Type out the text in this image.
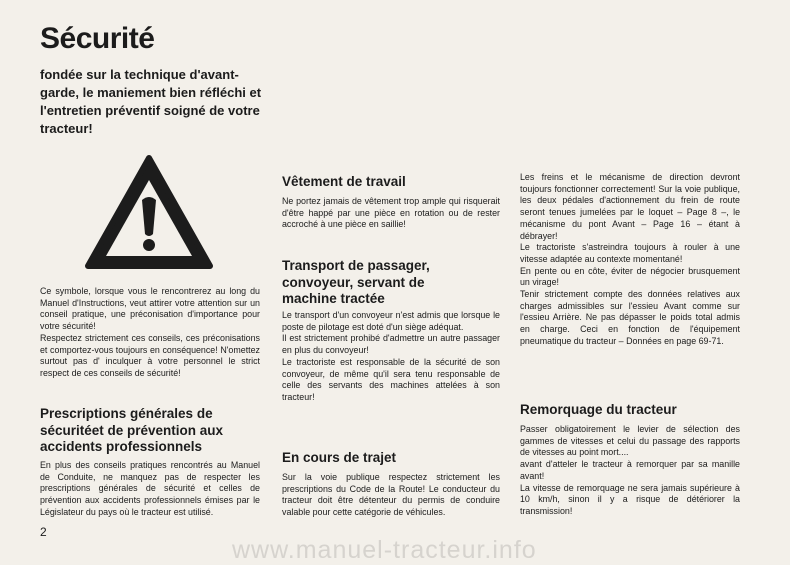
Sécurité

fondée sur la technique d'avant-garde, le maniement bien réfléchi et l'entretien préventif soigné de votre tracteur!

Ce symbole, lorsque vous le rencontrerez au long du Manuel d'Instructions, veut attirer votre attention sur un conseil pratique, une préconisation d'importance pour votre sécurité!

Respectez strictement ces conseils, ces préconisations et comportez-vous toujours en conséquence! N'omettez surtout pas d' inculquer à votre personnel le strict respect de ces conseils de sécurité!

Prescriptions générales de sécuritéet de prévention aux accidents professionnels

En plus des conseils pratiques rencontrés au Manuel de Conduite, ne manquez pas de respecter les prescriptions générales de sécurité et celles de prévention aux accidents professionnels émises par le Législateur du pays où le tracteur est utilisé.

Vêtement de travail

Ne portez jamais de vêtement trop ample qui risquerait d'être happé par une pièce en rotation ou de rester accroché à une pièce en saillie!

Transport de passager, convoyeur, servant de machine tractée

Le transport d'un convoyeur n'est admis que lorsque le poste de pilotage est doté d'un siège adéquat.

Il est strictement prohibé d'admettre un autre passager en plus du convoyeur!

Le tractoriste est responsable de la sécurité de son convoyeur, de même qu'il sera tenu responsable de celle des servants des machines attelées à son tracteur!

En cours de trajet

Sur la voie publique respectez strictement les prescriptions du Code de la Route! Le conducteur du tracteur doit être détenteur du permis de conduire valable pour cette catégorie de véhicules.

Les freins et le mécanisme de direction devront toujours fonctionner correctement! Sur la voie publique, les deux pédales d'actionnement du frein de route seront tenues jumelées par le loquet – Page 8 –, le mécanisme du pont Avant – Page 16 – étant à débrayer!

Le tractoriste s'astreindra toujours à rouler à une vitesse adaptée au contexte momentané!

En pente ou en côte, éviter de négocier brusquement un virage!

Tenir strictement compte des données relatives aux charges admissibles sur l'essieu Avant comme sur l'essieu Arrière. Ne pas dépasser le poids total admis en charge. Ceci en fonction de l'équipement pneumatique du tracteur – Données en page 69-71.

Remorquage du tracteur

Passer obligatoirement le levier de sélection des gammes de vitesses et celui du passage des rapports de vitesses au point mort....

avant d'atteler le tracteur à remorquer par sa manille avant!

La vitesse de remorquage ne sera jamais supérieure à 10 km/h, sinon il y a risque de détériorer la transmission!

2
www.manuel-tracteur.info
